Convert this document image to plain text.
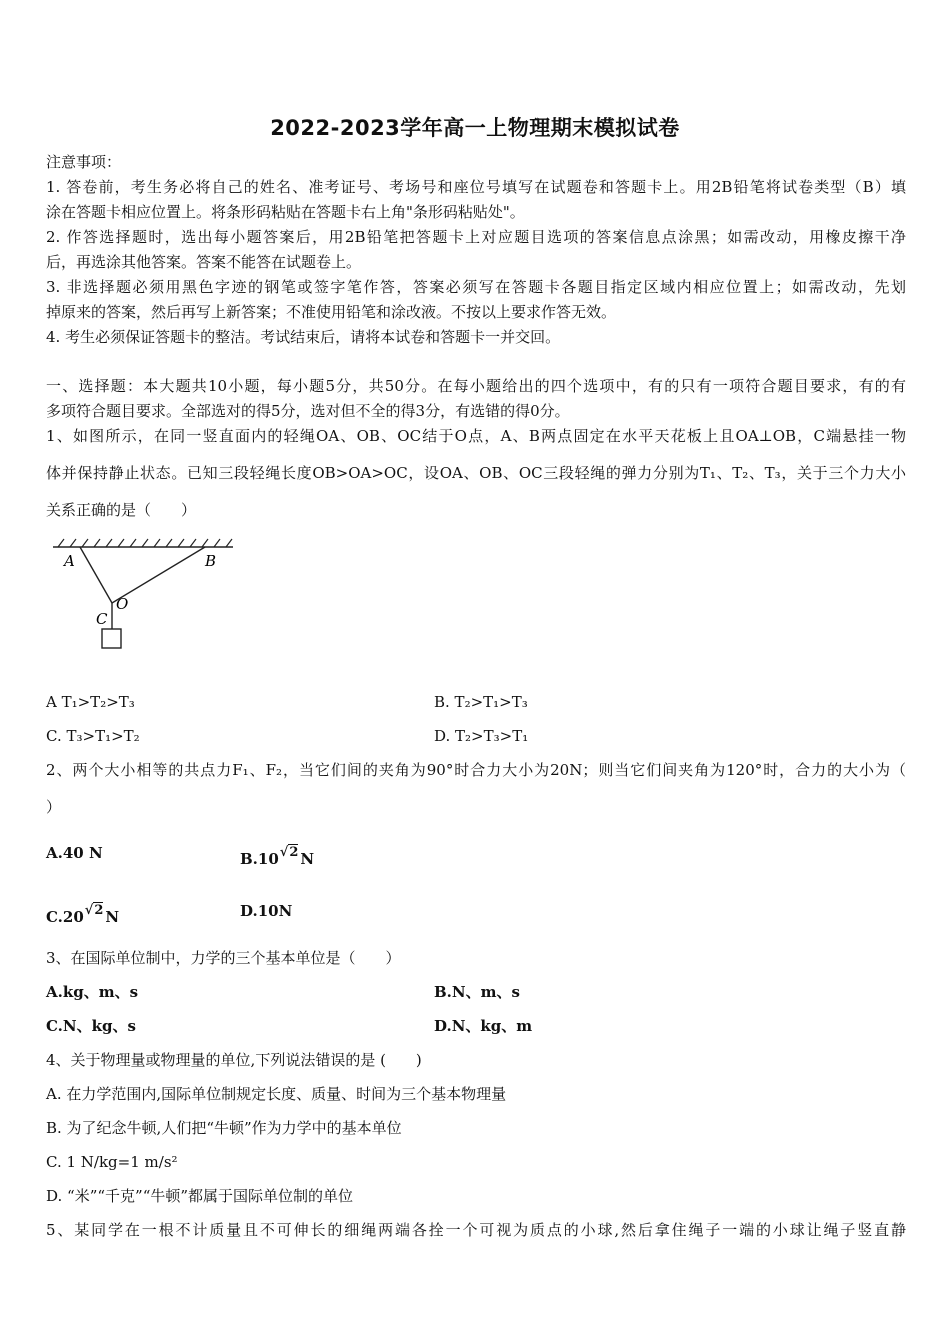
2022-2023学年高一上物理期末模拟试卷
注意事项：
1. 答卷前，考生务必将自己的姓名、准考证号、考场号和座位号填写在试题卷和答题卡上。用2B铅笔将试卷类型（B）填
涂在答题卡相应位置上。将条形码粘贴在答题卡右上角"条形码粘贴处"。
2. 作答选择题时，选出每小题答案后，用2B铅笔把答题卡上对应题目选项的答案信息点涂黑；如需改动，用橡皮擦干净
后，再选涂其他答案。答案不能答在试题卷上。
3. 非选择题必须用黑色字迹的钢笔或签字笔作答，答案必须写在答题卡各题目指定区域内相应位置上；如需改动，先划
掉原来的答案，然后再写上新答案；不准使用铅笔和涂改液。不按以上要求作答无效。
4. 考生必须保证答题卡的整洁。考试结束后，请将本试卷和答题卡一并交回。
一、选择题：本大题共10小题，每小题5分，共50分。在每小题给出的四个选项中，有的只有一项符合题目要求，有的有
多项符合题目要求。全部选对的得5分，选对但不全的得3分，有选错的得0分。
1、如图所示，在同一竖直面内的轻绳OA、OB、OC结于O点，A、B两点固定在水平天花板上且OA⊥OB，C端悬挂一物
体并保持静止状态。已知三段轻绳长度OB>OA>OC，设OA、OB、OC三段轻绳的弹力分别为T₁、T₂、T₃，关于三个力大小
关系正确的是（　　）
A	B
O
C
A T₁>T₂>T₃	B. T₂>T₁>T₃
C. T₃>T₁>T₂	D. T₂>T₃>T₁
2、两个大小相等的共点力F₁、F₂，当它们间的夹角为90°时合力大小为20N；则当它们间夹角为120°时，合力的大小为（
）
A.40 N	B.10√2 N
C.20√2 N	D.10N
3、在国际单位制中，力学的三个基本单位是（　　）
A.kg、m、s	B.N、m、s
C.N、kg、s	D.N、kg、m
4、关于物理量或物理量的单位,下列说法错误的是 (　　)
A. 在力学范围内,国际单位制规定长度、质量、时间为三个基本物理量
B. 为了纪念牛顿,人们把“牛顿”作为力学中的基本单位
C. 1 N/kg=1 m/s²
D. “米”“千克”“牛顿”都属于国际单位制的单位
5、某同学在一根不计质量且不可伸长的细绳两端各拴一个可视为质点的小球,然后拿住绳子一端的小球让绳子竖直静
